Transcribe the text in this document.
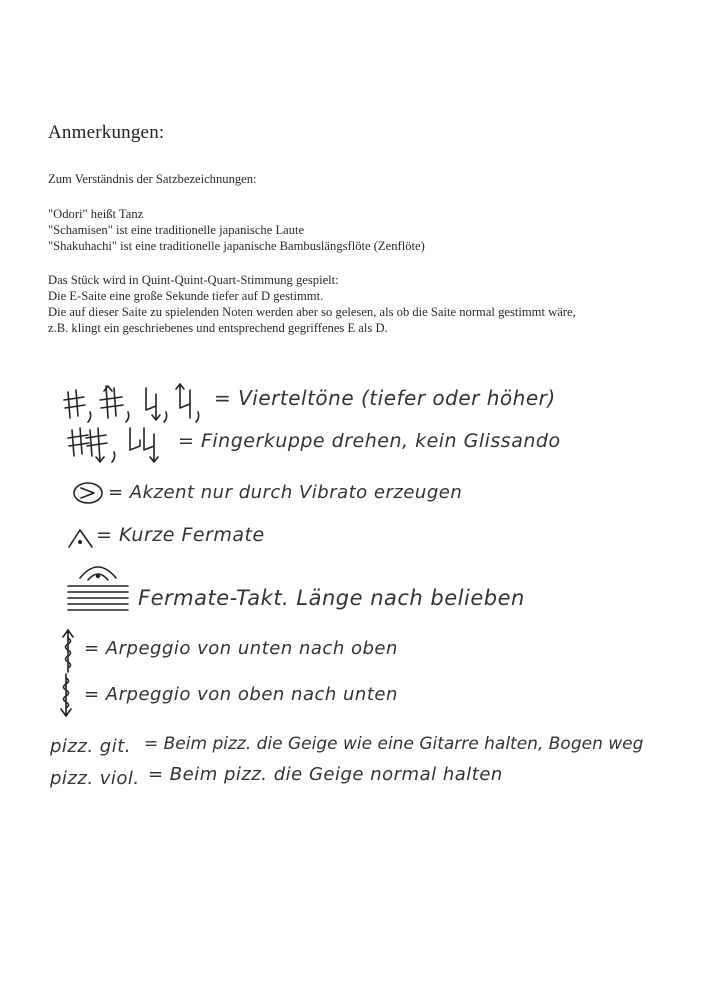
Anmerkungen:
Zum Verständnis der Satzbezeichnungen:
"Odori" heißt Tanz
"Schamisen" ist eine traditionelle japanische Laute
"Shakuhachi" ist eine traditionelle japanische Bambuslängsflöte (Zenflöte)
Das Stück wird in Quint-Quint-Quart-Stimmung gespielt:
Die E-Saite eine große Sekunde tiefer auf D gestimmt.
Die auf dieser Saite zu spielenden Noten werden aber so gelesen, als ob die Saite normal gestimmt wäre,
z.B. klingt ein geschriebenes und entsprechend gegriffenes E als D.
= Vierteltöne (tiefer oder höher)
= Fingerkuppe drehen, kein Glissando
= Akzent nur durch Vibrato erzeugen
= Kurze Fermate
Fermate-Takt. Länge nach belieben
= Arpeggio von unten nach oben
= Arpeggio von oben nach unten
pizz. git. = Beim pizz. die Geige wie eine Gitarre halten, Bogen weg
pizz. viol. = Beim pizz. die Geige normal halten
